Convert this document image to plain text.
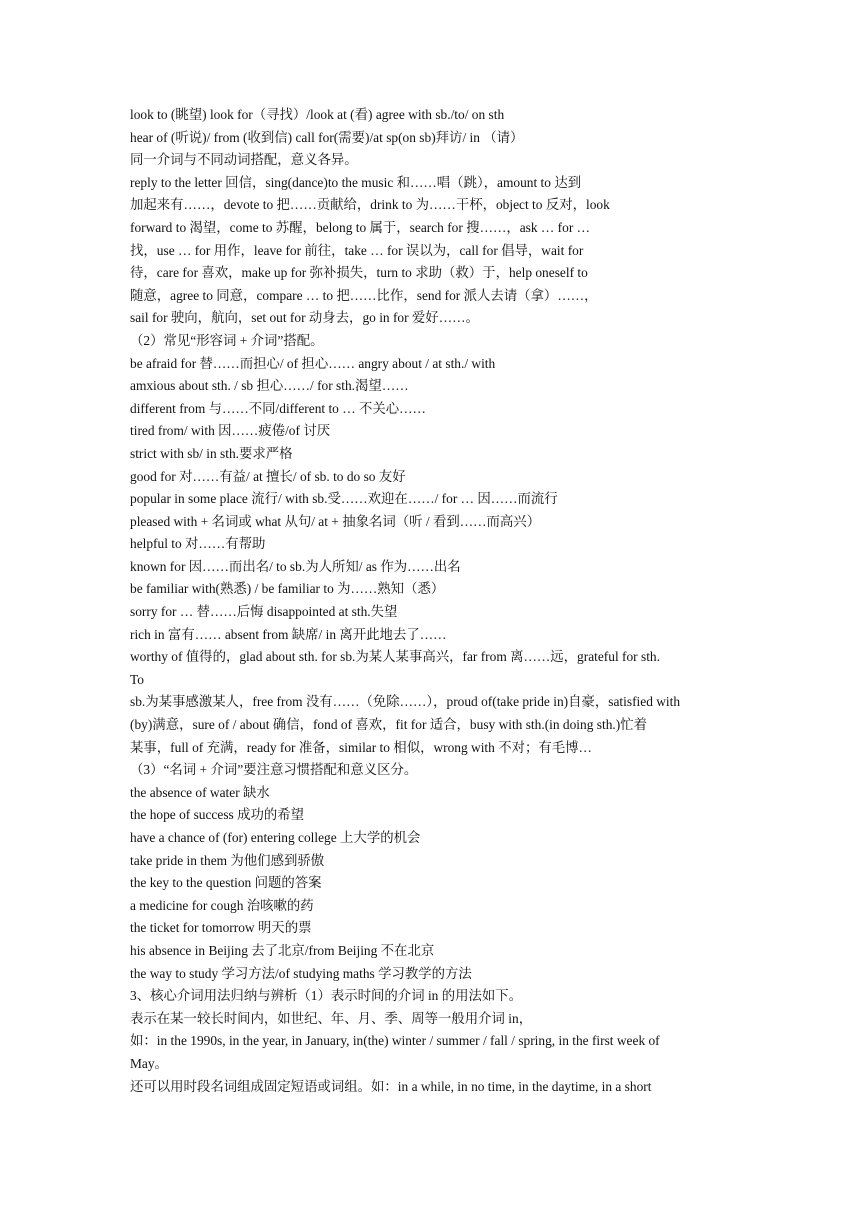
look to (眺望) look for（寻找）/look at (看) agree with sb./to/ on sth
hear of (听说)/ from (收到信) call for(需要)/at sp(on sb)拜访/ in （请）
同一介词与不同动词搭配，意义各异。
reply to the letter 回信，sing(dance)to the music 和……唱（跳），amount to 达到
加起来有……，devote to 把……贡献给，drink to 为……干杯，object to 反对，look
forward to 渴望，come to 苏醒，belong to 属于，search for 搜……，ask … for …
找，use … for 用作，leave for 前往，take … for 误以为，call for 倡导，wait for
待，care for 喜欢，make up for 弥补损失，turn to 求助（救）于，help oneself to
随意，agree to 同意，compare … to 把……比作，send for 派人去请（拿）……，
sail for 驶向，航向，set out for 动身去，go in for 爱好……。
（2）常见“形容词 + 介词”搭配。
be afraid for 替……而担心/ of 担心…… angry about / at sth./ with
amxious about sth. / sb 担心……/ for sth.渴望……
different from 与……不同/different to … 不关心……
tired from/ with 因……疲倦/of 讨厌
strict with sb/ in sth.要求严格
good for 对……有益/ at 擅长/ of sb. to do so 友好
popular in some place 流行/ with sb.受……欢迎在……/ for … 因……而流行
pleased with + 名词或 what 从句/ at + 抽象名词（听 / 看到……而高兴）
helpful to 对……有帮助
known for 因……而出名/ to sb.为人所知/ as 作为……出名
be familiar with(熟悉) / be familiar to 为……熟知（悉）
sorry for … 替……后悔 disappointed at sth.失望
rich in 富有…… absent from 缺席/ in 离开此地去了……
worthy of 值得的，glad about sth. for sb.为某人某事高兴，far from 离……远，grateful for sth.
To
sb.为某事感激某人，free from 没有……（免除……），proud of(take pride in)自豪，satisfied with
(by)满意，sure of / about 确信，fond of 喜欢，fit for 适合，busy with sth.(in doing sth.)忙着
某事，full of 充满，ready for 准备，similar to 相似，wrong with 不对；有毛博…
（3）“名词 + 介词”要注意习惯搭配和意义区分。
the absence of water 缺水
the hope of success 成功的希望
have a chance of (for) entering college 上大学的机会
take pride in them 为他们感到骄傲
the key to the question 问题的答案
a medicine for cough 治咳嗽的药
the ticket for tomorrow 明天的票
his absence in Beijing 去了北京/from Beijing 不在北京
the way to study 学习方法/of studying maths 学习教学的方法
3、核心介词用法归纳与辨析（1）表示时间的介词 in 的用法如下。
表示在某一较长时间内，如世纪、年、月、季、周等一般用介词 in，
如：in the 1990s, in the year, in January, in(the) winter / summer / fall / spring, in the first week of
May。
还可以用时段名词组成固定短语或词组。如：in a while, in no time, in the daytime, in a short
